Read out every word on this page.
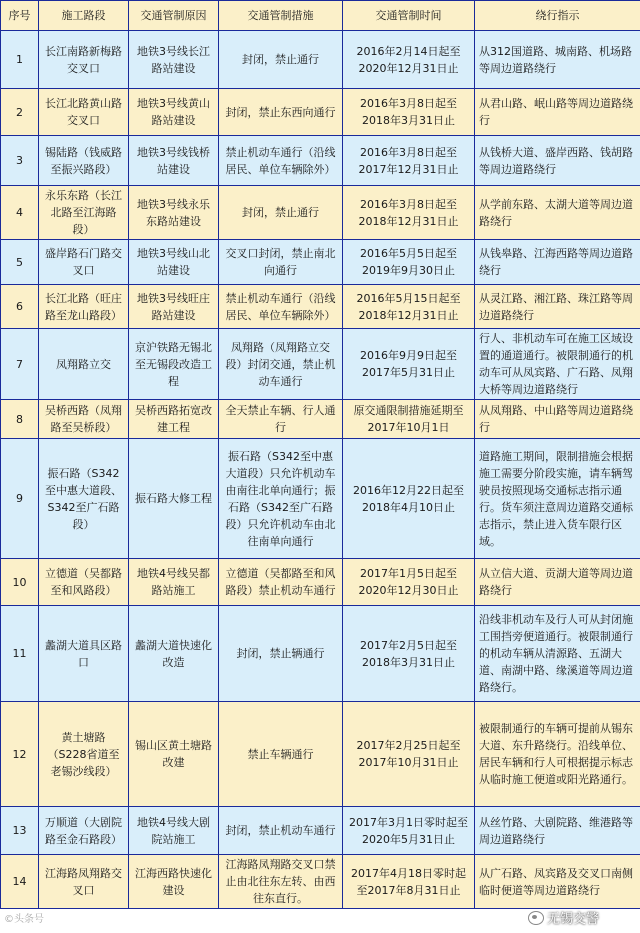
序号	施工路段	交通管制原因	交通管制措施	交通管制时间	绕行指示
1	长江南路新梅路交叉口	地铁3号线长江路站建设	封闭，禁止通行	2016年2月14日起至2020年12月31日止	从312国道路、城南路、机场路等周边道路绕行
2	长江北路黄山路交叉口	地铁3号线黄山路站建设	封闭，禁止东西向通行	2016年3月8日起至2018年3月31日止	从君山路、岷山路等周边道路绕行
3	锡陆路（钱威路至振兴路段）	地铁3号线钱桥站建设	禁止机动车通行（沿线居民、单位车辆除外）	2016年3月8日起至2017年12月31日止	从钱桥大道、盛岸西路、钱胡路等周边道路绕行
4	永乐东路（长江北路至江海路段）	地铁3号线永乐东路站建设	封闭，禁止通行	2016年3月8日起至2018年12月31日止	从学前东路、太湖大道等周边道路绕行
5	盛岸路石门路交叉口	地铁3号线山北站建设	交叉口封闭，禁止南北向通行	2016年5月5日起至2019年9月30日止	从钱皋路、江海西路等周边道路绕行
6	长江北路（旺庄路至龙山路段）	地铁3号线旺庄路站建设	禁止机动车通行（沿线居民、单位车辆除外）	2016年5月15日起至2018年12月31日止	从灵江路、湘江路、珠江路等周边道路绕行
7	凤翔路立交	京沪铁路无锡北至无锡段改造工程	凤翔路（凤翔路立交段）封闭交通，禁止机动车通行	2016年9月9日起至2017年5月31日止	行人、非机动车可在施工区域设置的通道通行。被限制通行的机动车可从凤宾路、广石路、凤翔大桥等周边道路绕行
8	吴桥西路（凤翔路至吴桥段）	吴桥西路拓宽改建工程	全天禁止车辆、行人通行	原交通限制措施延期至2017年10月1日	从凤翔路、中山路等周边道路绕行
9	振石路（S342至中惠大道段、S342至广石路段）	振石路大修工程	振石路（S342至中惠大道段）只允许机动车由南往北单向通行；振石路（S342至广石路段）只允许机动车由北往南单向通行	2016年12月22日起至2018年4月10日止	道路施工期间，限制措施会根据施工需要分阶段实施，请车辆驾驶员按照现场交通标志指示通行。货车须注意周边道路交通标志指示，禁止进入货车限行区域。
10	立德道（吴都路至和风路段）	地铁4号线吴都路站施工	立德道（吴都路至和风路段）禁止机动车通行	2017年1月5日起至2020年12月30日止	从立信大道、贡湖大道等周边道路绕行
11	蠡湖大道具区路口	蠡湖大道快速化改造	封闭，禁止辆通行	2017年2月5日起至2018年3月31日止	沿线非机动车及行人可从封闭施工围挡旁便道通行。被限制通行的机动车辆从清源路、五湖大道、南湖中路、缘溪道等周边道路绕行。
12	黄土塘路（S228省道至老锡沙线段）	锡山区黄土塘路改建	禁止车辆通行	2017年2月25日起至2017年10月31日止	被限制通行的车辆可提前从锡东大道、东升路绕行。沿线单位、居民车辆和行人可根据提示标志从临时施工便道或阳光路通行。
13	万顺道（大剧院路至金石路段）	地铁4号线大剧院站施工	封闭，禁止机动车通行	2017年3月1日零时起至2020年5月31日止	从丝竹路、大剧院路、维港路等周边道路绕行
14	江海路凤翔路交叉口	江海西路快速化建设	江海路凤翔路交叉口禁止由北往东左转、由西往东直行。	2017年4月18日零时起至2017年8月31日止	从广石路、凤宾路及交叉口南侧临时便道等周边道路绕行
©头条号	无锡交警
